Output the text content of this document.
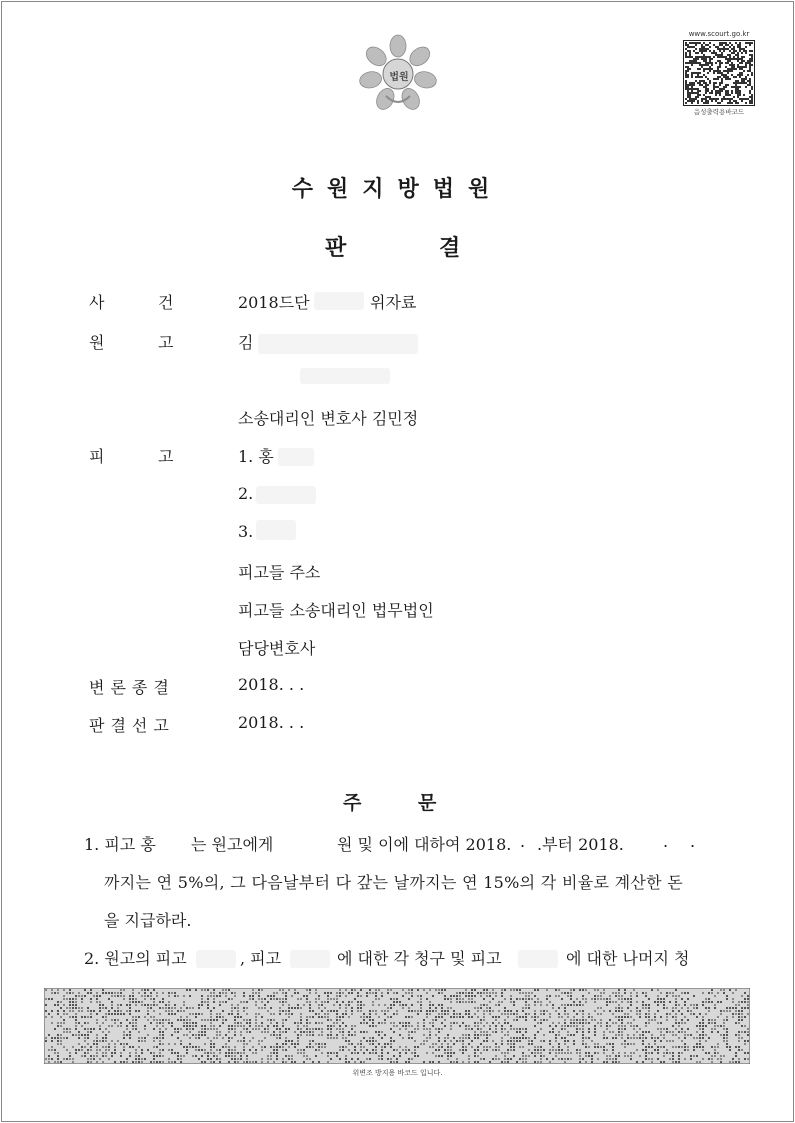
법원
www.scourt.go.kr
음성출력용바코드
수원지방법원
판	결
사	건	2018드단	위자료
원	고	김
소송대리인 변호사 김민정
피	고	1. 홍
2.
3.
피고들 주소
피고들 소송대리인 법무법인
담당변호사
변론종결	2018. . .
판결선고	2018. . .
주	문
1. 피고 홍 는 원고에게	원 및 이에 대하여 2018. . .부터 2018. . .
까지는 연 5%의, 그 다음날부터 다 갚는 날까지는 연 15%의 각 비율로 계산한 돈
을 지급하라.
2. 원고의 피고	, 피고	에 대한 각 청구 및 피고	에 대한 나머지 청
위변조 방지용 바코드 입니다.
